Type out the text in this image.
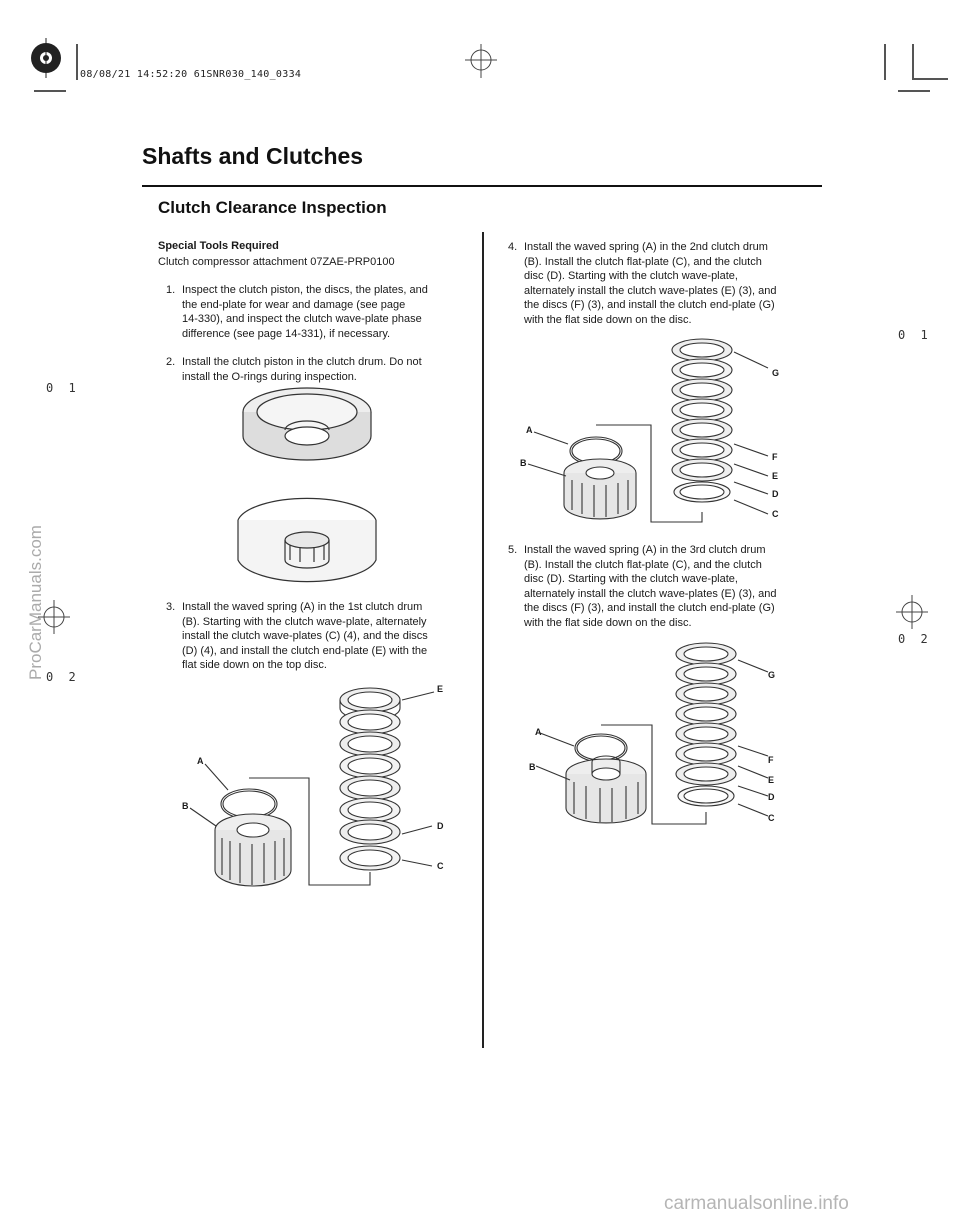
08/08/21 14:52:20 61SNR030_140_0334
Shafts and Clutches
Clutch Clearance Inspection
Special Tools Required
Clutch compressor attachment 07ZAE-PRP0100
1. Inspect the clutch piston, the discs, the plates, and
the end-plate for wear and damage (see page
14-330), and inspect the clutch wave-plate phase
difference (see page 14-331), if necessary.
2. Install the clutch piston in the clutch drum. Do not
install the O-rings during inspection.
3. Install the waved spring (A) in the 1st clutch drum
(B). Starting with the clutch wave-plate, alternately
install the clutch wave-plates (C) (4), and the discs
(D) (4), and install the clutch end-plate (E) with the
flat side down on the top disc.
4. Install the waved spring (A) in the 2nd clutch drum
(B). Install the clutch flat-plate (C), and the clutch
disc (D). Starting with the clutch wave-plate,
alternately install the clutch wave-plates (E) (3), and
the discs (F) (3), and install the clutch end-plate (G)
with the flat side down on the disc.
5. Install the waved spring (A) in the 3rd clutch drum
(B). Install the clutch flat-plate (C), and the clutch
disc (D). Starting with the clutch wave-plate,
alternately install the clutch wave-plates (E) (3), and
the discs (F) (3), and install the clutch end-plate (G)
with the flat side down on the disc.
E
A
B
D
C
G
A
F
B
E
D
C
G
A
F
B
E
D
C
0 1
0 2
0 1
0 2
ProCarManuals.com
carmanualsonline.info
